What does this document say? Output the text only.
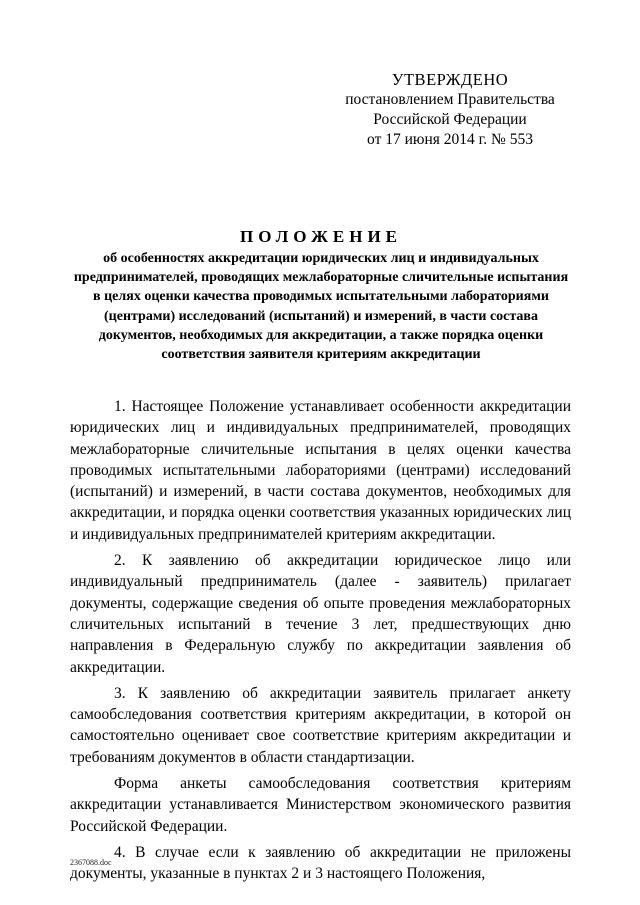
УТВЕРЖДЕНО
постановлением Правительства
Российской Федерации
от 17 июня 2014 г. № 553
ПОЛОЖЕНИЕ
об особенностях аккредитации юридических лиц и индивидуальных предпринимателей, проводящих межлабораторные сличительные испытания в целях оценки качества проводимых испытательными лабораториями (центрами) исследований (испытаний) и измерений, в части состава документов, необходимых для аккредитации, а также порядка оценки соответствия заявителя критериям аккредитации

1. Настоящее Положение устанавливает особенности аккредитации юридических лиц и индивидуальных предпринимателей, проводящих межлабораторные сличительные испытания в целях оценки качества проводимых испытательными лабораториями (центрами) исследований (испытаний) и измерений, в части состава документов, необходимых для аккредитации, и порядка оценки соответствия указанных юридических лиц и индивидуальных предпринимателей критериям аккредитации.

2. К заявлению об аккредитации юридическое лицо или индивидуальный предприниматель (далее - заявитель) прилагает документы, содержащие сведения об опыте проведения межлабораторных сличительных испытаний в течение 3 лет, предшествующих дню направления в Федеральную службу по аккредитации заявления об аккредитации.

3. К заявлению об аккредитации заявитель прилагает анкету самообследования соответствия критериям аккредитации, в которой он самостоятельно оценивает свое соответствие критериям аккредитации и требованиям документов в области стандартизации.

Форма анкеты самообследования соответствия критериям аккредитации устанавливается Министерством экономического развития Российской Федерации.

4. В случае если к заявлению об аккредитации не приложены документы, указанные в пунктах 2 и 3 настоящего Положения,

2367088.doc
